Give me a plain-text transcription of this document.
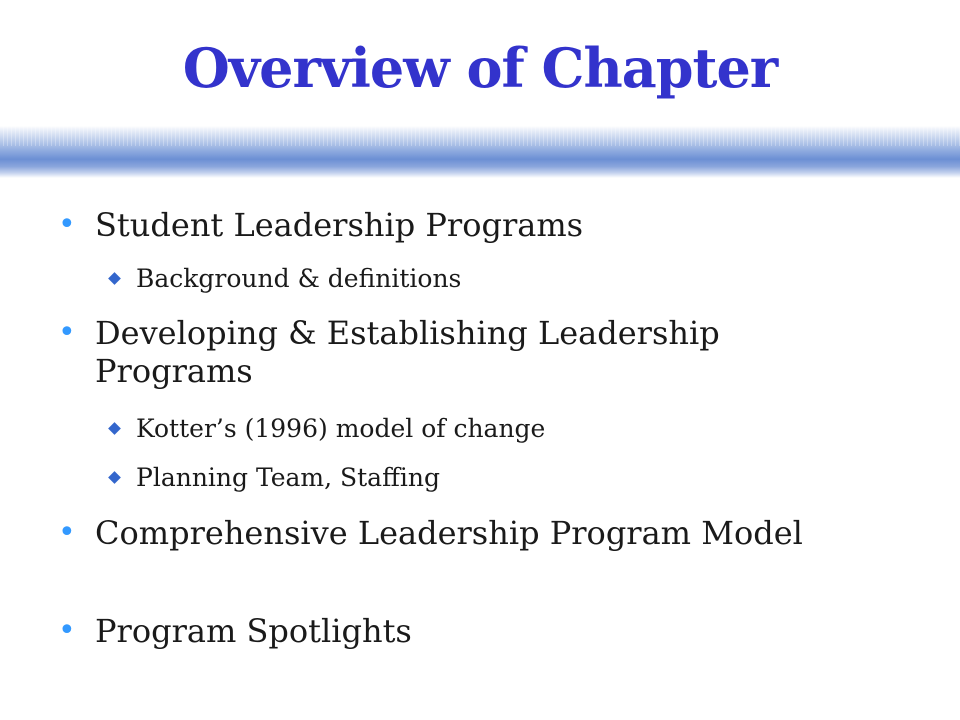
Overview of Chapter
• Student Leadership Programs
Background & definitions
• Developing & Establishing Leadership Programs
Kotter’s (1996) model of change
Planning Team, Staffing
• Comprehensive Leadership Program Model
• Program Spotlights
